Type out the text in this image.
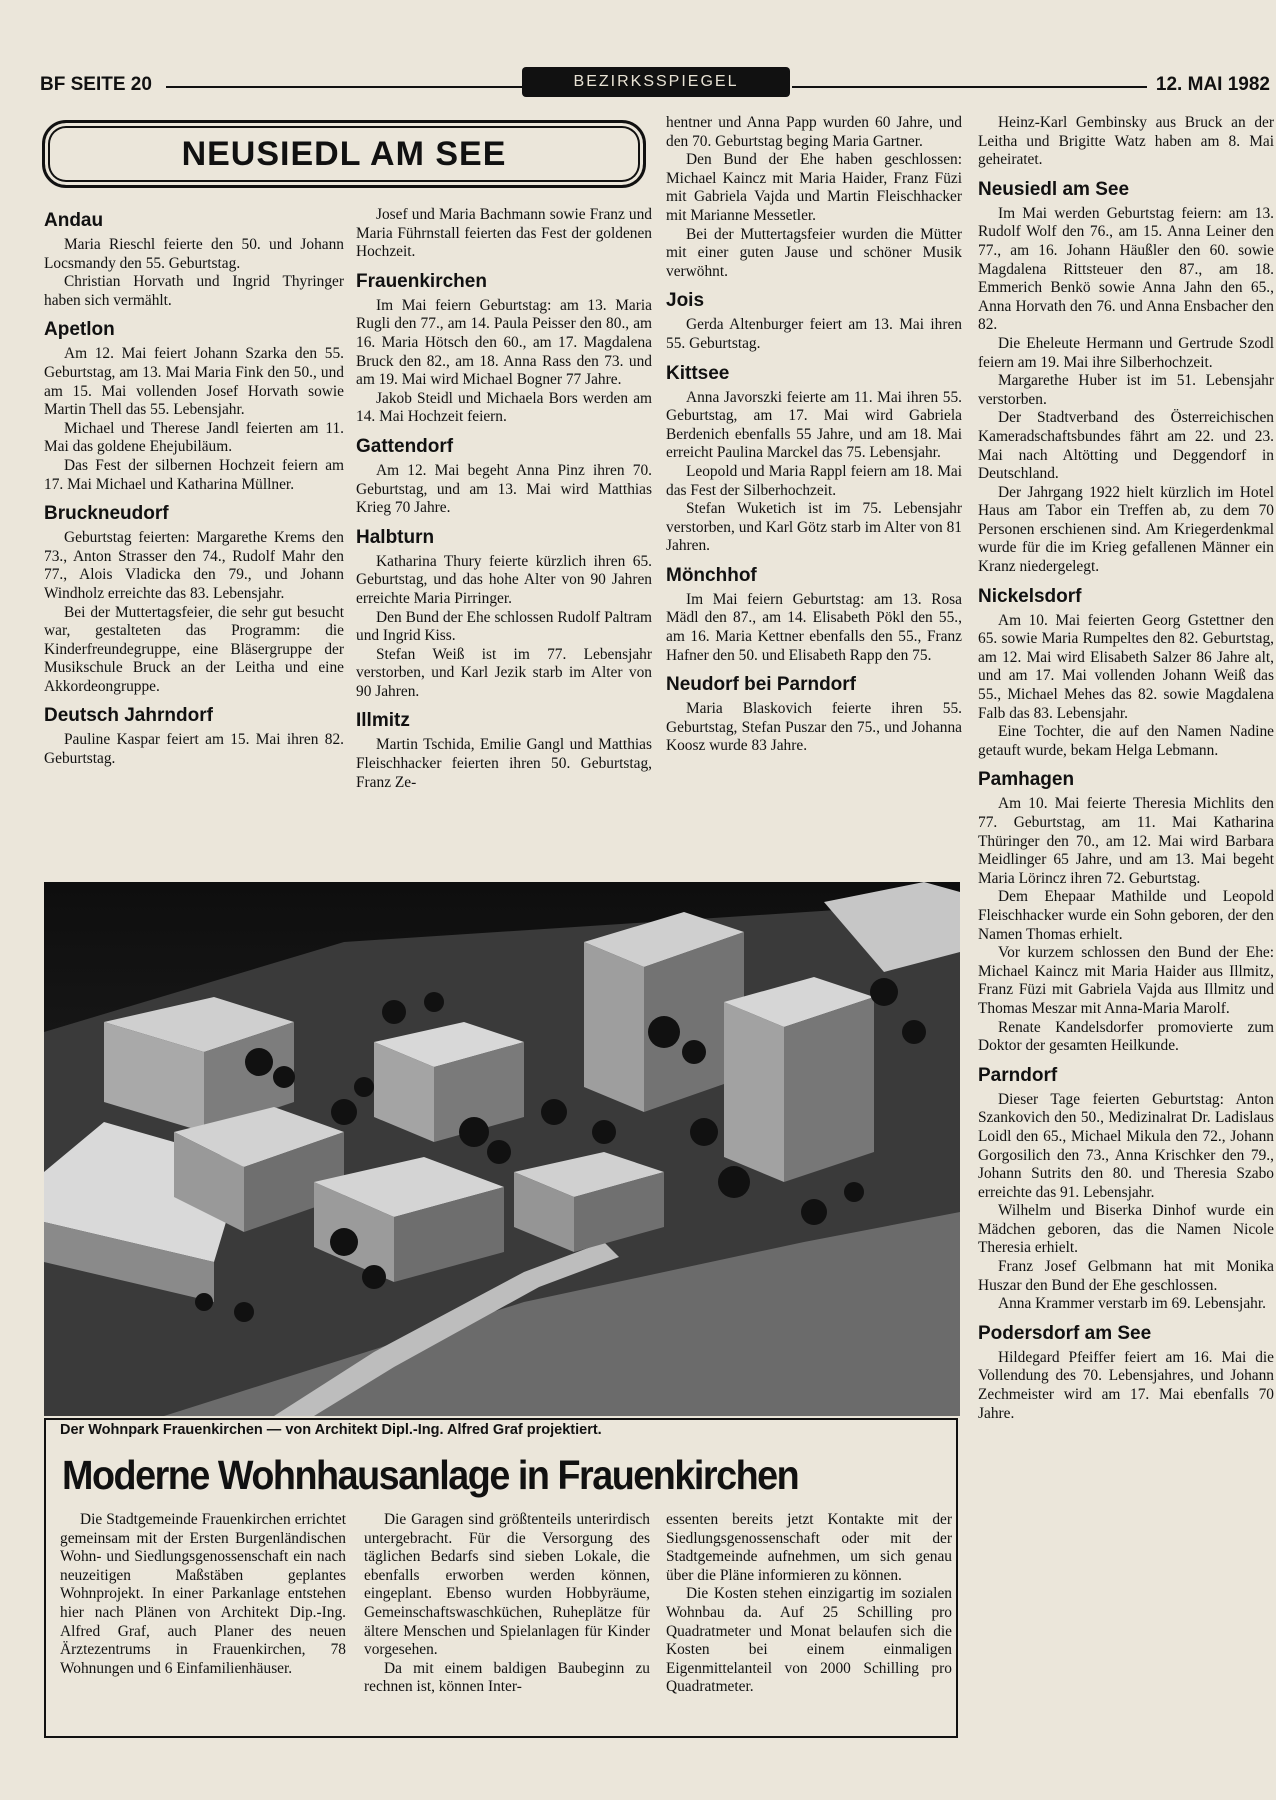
BF SEITE 20	BEZIRKSSPIEGEL	12. MAI 1982
NEUSIEDL AM SEE
Andau

Maria Rieschl feierte den 50. und Johann Locsmandy den 55. Geburtstag.

Christian Horvath und Ingrid Thyringer haben sich vermählt.

Apetlon

Am 12. Mai feiert Johann Szarka den 55. Geburtstag, am 13. Mai Maria Fink den 50., und am 15. Mai vollenden Josef Horvath sowie Martin Thell das 55. Lebensjahr.

Michael und Therese Jandl feierten am 11. Mai das goldene Ehejubiläum.

Das Fest der silbernen Hochzeit feiern am 17. Mai Michael und Katharina Müllner.

Bruckneudorf

Geburtstag feierten: Margarethe Krems den 73., Anton Strasser den 74., Rudolf Mahr den 77., Alois Vladicka den 79., und Johann Windholz erreichte das 83. Lebensjahr.

Bei der Muttertagsfeier, die sehr gut besucht war, gestalteten das Programm: die Kinderfreundegruppe, eine Bläsergruppe der Musikschule Bruck an der Leitha und eine Akkordeongruppe.

Deutsch Jahrndorf

Pauline Kaspar feiert am 15. Mai ihren 82. Geburtstag.

Josef und Maria Bachmann sowie Franz und Maria Führnstall feierten das Fest der goldenen Hochzeit.

Frauenkirchen

Im Mai feiern Geburtstag: am 13. Maria Rugli den 77., am 14. Paula Peisser den 80., am 16. Maria Hötsch den 60., am 17. Magdalena Bruck den 82., am 18. Anna Rass den 73. und am 19. Mai wird Michael Bogner 77 Jahre.

Jakob Steidl und Michaela Bors werden am 14. Mai Hochzeit feiern.

Gattendorf

Am 12. Mai begeht Anna Pinz ihren 70. Geburtstag, und am 13. Mai wird Matthias Krieg 70 Jahre.

Halbturn

Katharina Thury feierte kürzlich ihren 65. Geburtstag, und das hohe Alter von 90 Jahren erreichte Maria Pirringer.

Den Bund der Ehe schlossen Rudolf Paltram und Ingrid Kiss.

Stefan Weiß ist im 77. Lebensjahr verstorben, und Karl Jezik starb im Alter von 90 Jahren.

Illmitz

Martin Tschida, Emilie Gangl und Matthias Fleischhacker feierten ihren 50. Geburtstag, Franz Ze-

hentner und Anna Papp wurden 60 Jahre, und den 70. Geburtstag beging Maria Gartner.

Den Bund der Ehe haben geschlossen: Michael Kaincz mit Maria Haider, Franz Füzi mit Gabriela Vajda und Martin Fleischhacker mit Marianne Messetler.

Bei der Muttertagsfeier wurden die Mütter mit einer guten Jause und schöner Musik verwöhnt.

Jois

Gerda Altenburger feiert am 13. Mai ihren 55. Geburtstag.

Kittsee

Anna Javorszki feierte am 11. Mai ihren 55. Geburtstag, am 17. Mai wird Gabriela Berdenich ebenfalls 55 Jahre, und am 18. Mai erreicht Paulina Marckel das 75. Lebensjahr.

Leopold und Maria Rappl feiern am 18. Mai das Fest der Silberhochzeit.

Stefan Wuketich ist im 75. Lebensjahr verstorben, und Karl Götz starb im Alter von 81 Jahren.

Mönchhof

Im Mai feiern Geburtstag: am 13. Rosa Mädl den 87., am 14. Elisabeth Pökl den 55., am 16. Maria Kettner ebenfalls den 55., Franz Hafner den 50. und Elisabeth Rapp den 75.

Neudorf bei Parndorf

Maria Blaskovich feierte ihren 55. Geburtstag, Stefan Puszar den 75., und Johanna Koosz wurde 83 Jahre.

Heinz-Karl Gembinsky aus Bruck an der Leitha und Brigitte Watz haben am 8. Mai geheiratet.

Neusiedl am See

Im Mai werden Geburtstag feiern: am 13. Rudolf Wolf den 76., am 15. Anna Leiner den 77., am 16. Johann Häußler den 60. sowie Magdalena Rittsteuer den 87., am 18. Emmerich Benkö sowie Anna Jahn den 65., Anna Horvath den 76. und Anna Ensbacher den 82.

Die Eheleute Hermann und Gertrude Szodl feiern am 19. Mai ihre Silberhochzeit.

Margarethe Huber ist im 51. Lebensjahr verstorben.

Der Stadtverband des Österreichischen Kameradschaftsbundes fährt am 22. und 23. Mai nach Altötting und Deggendorf in Deutschland.

Der Jahrgang 1922 hielt kürzlich im Hotel Haus am Tabor ein Treffen ab, zu dem 70 Personen erschienen sind. Am Kriegerdenkmal wurde für die im Krieg gefallenen Männer ein Kranz niedergelegt.

Nickelsdorf

Am 10. Mai feierten Georg Gstettner den 65. sowie Maria Rumpeltes den 82. Geburtstag, am 12. Mai wird Elisabeth Salzer 86 Jahre alt, und am 17. Mai vollenden Johann Weiß das 55., Michael Mehes das 82. sowie Magdalena Falb das 83. Lebensjahr.

Eine Tochter, die auf den Namen Nadine getauft wurde, bekam Helga Lebmann.

Pamhagen

Am 10. Mai feierte Theresia Michlits den 77. Geburtstag, am 11. Mai Katharina Thüringer den 70., am 12. Mai wird Barbara Meidlinger 65 Jahre, und am 13. Mai begeht Maria Lörincz ihren 72. Geburtstag.

Dem Ehepaar Mathilde und Leopold Fleischhacker wurde ein Sohn geboren, der den Namen Thomas erhielt.

Vor kurzem schlossen den Bund der Ehe: Michael Kaincz mit Maria Haider aus Illmitz, Franz Füzi mit Gabriela Vajda aus Illmitz und Thomas Meszar mit Anna-Maria Marolf.

Renate Kandelsdorfer promovierte zum Doktor der gesamten Heilkunde.

Parndorf

Dieser Tage feierten Geburtstag: Anton Szankovich den 50., Medizinalrat Dr. Ladislaus Loidl den 65., Michael Mikula den 72., Johann Gorgosilich den 73., Anna Krischker den 79., Johann Sutrits den 80. und Theresia Szabo erreichte das 91. Lebensjahr.

Wilhelm und Biserka Dinhof wurde ein Mädchen geboren, das die Namen Nicole Theresia erhielt.

Franz Josef Gelbmann hat mit Monika Huszar den Bund der Ehe geschlossen.

Anna Krammer verstarb im 69. Lebensjahr.

Podersdorf am See

Hildegard Pfeiffer feiert am 16. Mai die Vollendung des 70. Lebensjahres, und Johann Zechmeister wird am 17. Mai ebenfalls 70 Jahre.

Der Wohnpark Frauenkirchen — von Architekt Dipl.-Ing. Alfred Graf projektiert.
Moderne Wohnhausanlage in Frauenkirchen

Die Stadtgemeinde Frauenkirchen errichtet gemeinsam mit der Ersten Burgenländischen Wohn- und Siedlungsgenossenschaft ein nach neuzeitigen Maßstäben geplantes Wohnprojekt. In einer Parkanlage entstehen hier nach Plänen von Architekt Dip.-Ing. Alfred Graf, auch Planer des neuen Ärztezentrums in Frauenkirchen, 78 Wohnungen und 6 Einfamilienhäuser.

Die Garagen sind größtenteils unterirdisch untergebracht. Für die Versorgung des täglichen Bedarfs sind sieben Lokale, die ebenfalls erworben werden können, eingeplant. Ebenso wurden Hobbyräume, Gemeinschaftswaschküchen, Ruheplätze für ältere Menschen und Spielanlagen für Kinder vorgesehen.

Da mit einem baldigen Baubeginn zu rechnen ist, können Inter-

essenten bereits jetzt Kontakte mit der Siedlungsgenossenschaft oder mit der Stadtgemeinde aufnehmen, um sich genau über die Pläne informieren zu können.

Die Kosten stehen einzigartig im sozialen Wohnbau da. Auf 25 Schilling pro Quadratmeter und Monat belaufen sich die Kosten bei einem einmaligen Eigenmittelanteil von 2000 Schilling pro Quadratmeter.
